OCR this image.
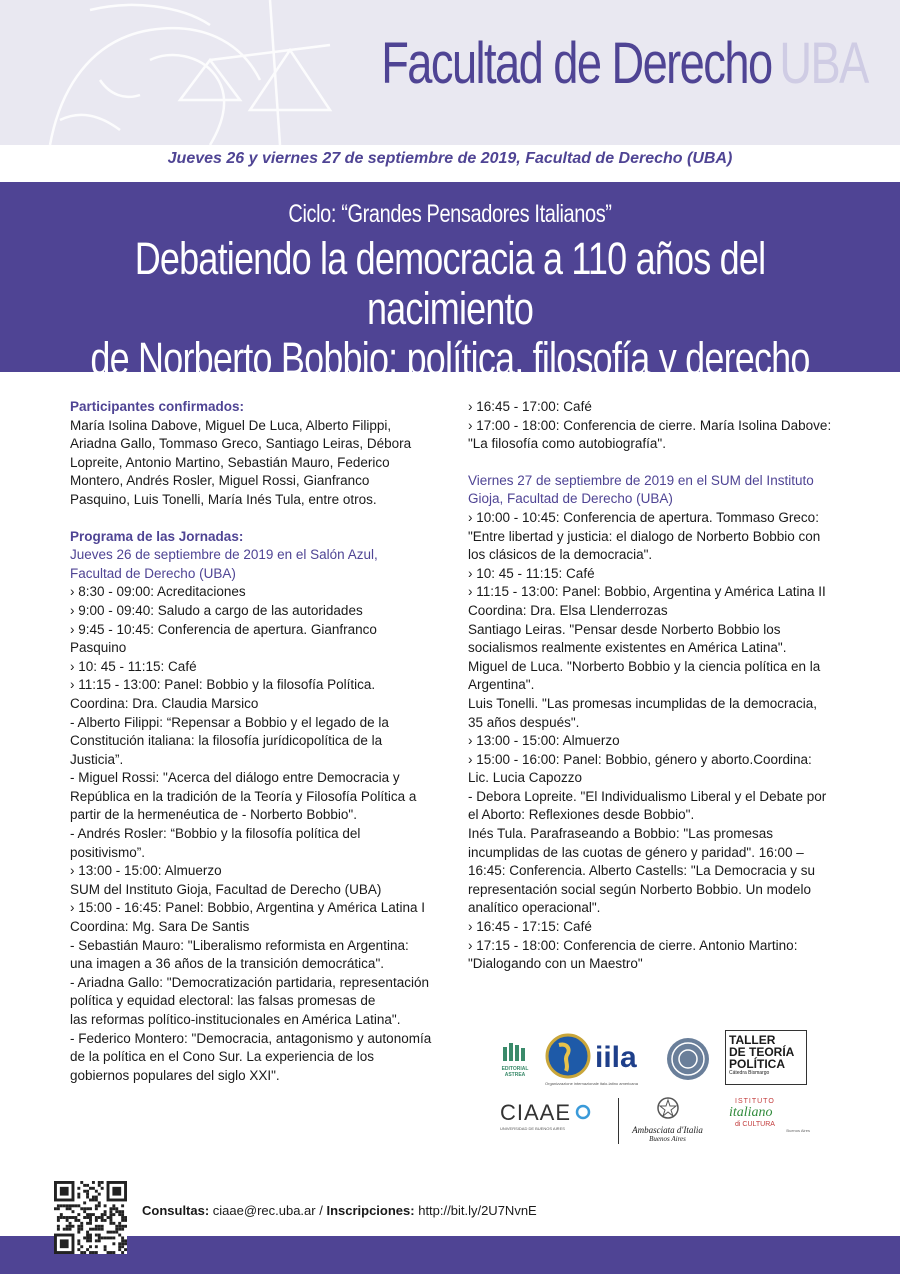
Facultad de Derecho UBA
Jueves 26 y viernes 27 de septiembre de 2019, Facultad de Derecho (UBA)
Ciclo: “Grandes Pensadores Italianos”
Debatiendo la democracia a 110 años del nacimiento
de Norberto Bobbio: política, filosofía y derecho

Participantes confirmados:

María Isolina Dabove, Miguel De Luca, Alberto Filippi, Ariadna Gallo, Tommaso Greco, Santiago Leiras, Débora Lopreite, Antonio Martino, Sebastián Mauro, Federico Montero, Andrés Rosler, Miguel Rossi, Gianfranco Pasquino, Luis Tonelli, María Inés Tula, entre otros.

Programa de las Jornadas:

Jueves 26 de septiembre de 2019 en el Salón Azul, Facultad de Derecho (UBA)

› 8:30 - 09:00: Acreditaciones

› 9:00 - 09:40: Saludo a cargo de las autoridades

› 9:45 - 10:45: Conferencia de apertura. Gianfranco Pasquino

› 10: 45 - 11:15: Café

› 11:15 - 13:00: Panel: Bobbio y la filosofía Política. Coordina: Dra. Claudia Marsico

- Alberto Filippi: “Repensar a Bobbio y el legado de la Constitución italiana: la filosofía jurídicopolítica de la Justicia”.

- Miguel Rossi: "Acerca del diálogo entre Democracia y República en la tradición de la Teoría y Filosofía Política a partir de la hermenéutica de - Norberto Bobbio".

- Andrés Rosler: “Bobbio y la filosofía política del positivismo”.

› 13:00 - 15:00: Almuerzo

SUM del Instituto Gioja, Facultad de Derecho (UBA)

› 15:00 - 16:45: Panel: Bobbio, Argentina y América Latina I Coordina: Mg. Sara De Santis

- Sebastián Mauro: "Liberalismo reformista en Argentina: una imagen a 36 años de la transición democrática".

- Ariadna Gallo: "Democratización partidaria, representación política y equidad electoral: las falsas promesas de

las reformas político-institucionales en América Latina".

- Federico Montero: "Democracia, antagonismo y autonomía de la política en el Cono Sur. La experiencia de los gobiernos populares del siglo XXI".

› 16:45 - 17:00: Café

› 17:00 - 18:00: Conferencia de cierre. María Isolina Dabove: "La filosofía como autobiografía".

Viernes 27 de septiembre de 2019 en el SUM del Instituto Gioja, Facultad de Derecho (UBA)

› 10:00 - 10:45: Conferencia de apertura. Tommaso Greco: "Entre libertad y justicia: el dialogo de Norberto Bobbio con los clásicos de la democracia".

› 10: 45 - 11:15: Café

› 11:15 - 13:00: Panel: Bobbio, Argentina y América Latina II Coordina: Dra. Elsa Llenderrozas

Santiago Leiras. "Pensar desde Norberto Bobbio los socialismos realmente existentes en América Latina".

Miguel de Luca. "Norberto Bobbio y la ciencia política en la Argentina".

Luis Tonelli. "Las promesas incumplidas de la democracia, 35 años después".

› 13:00 - 15:00: Almuerzo

› 15:00 - 16:00: Panel: Bobbio, género y aborto.Coordina: Lic. Lucia Capozzo

- Debora Lopreite. "El Individualismo Liberal y el Debate por el Aborto: Reflexiones desde Bobbio".

Inés Tula. Parafraseando a Bobbio: "Las promesas incumplidas de las cuotas de género y paridad". 16:00 – 16:45: Conferencia. Alberto Castells: "La Democracia y su representación social según Norberto Bobbio. Un modelo analítico operacional".

› 16:45 - 17:15: Café

› 17:15 - 18:00: Conferencia de cierre. Antonio Martino: "Dialogando con un Maestro"

EDITORIAL ASTREA
iila
Organizzazione internazionale italo-latino americana
TALLER
DE TEORÍA
POLÍTICA
Cátedra Bismargo
CIAAE
UNIVERSIDAD DE BUENOS AIRES	Ambasciata d'Italia
Buenos Aires
ISTITUTO
italiano
di CULTURA
Buenos Aires
Consultas: ciaae@rec.uba.ar / Inscripciones: http://bit.ly/2U7NvnE
